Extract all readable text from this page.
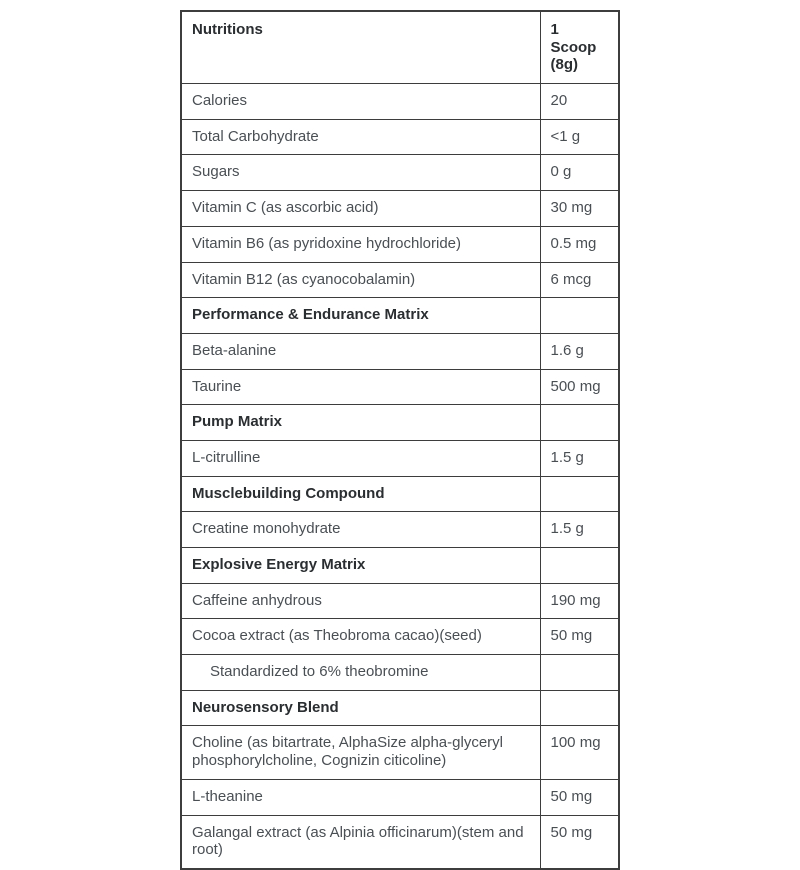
Nutritions	1 Scoop (8g)
Calories	20
Total Carbohydrate	<1 g
Sugars	0 g
Vitamin C (as ascorbic acid)	30 mg
Vitamin B6 (as pyridoxine hydrochloride)	0.5 mg
Vitamin B12 (as cyanocobalamin)	6 mcg
Performance & Endurance Matrix	
Beta-alanine	1.6 g
Taurine	500 mg
Pump Matrix	
L-citrulline	1.5 g
Musclebuilding Compound	
Creatine monohydrate	1.5 g
Explosive Energy Matrix	
Caffeine anhydrous	190 mg
Cocoa extract (as Theobroma cacao)(seed)	50 mg
Standardized to 6% theobromine	
Neurosensory Blend	
Choline (as bitartrate, AlphaSize alpha-glyceryl phosphorylcholine, Cognizin citicoline)	100 mg
L-theanine	50 mg
Galangal extract (as Alpinia officinarum)(stem and root)	50 mg
